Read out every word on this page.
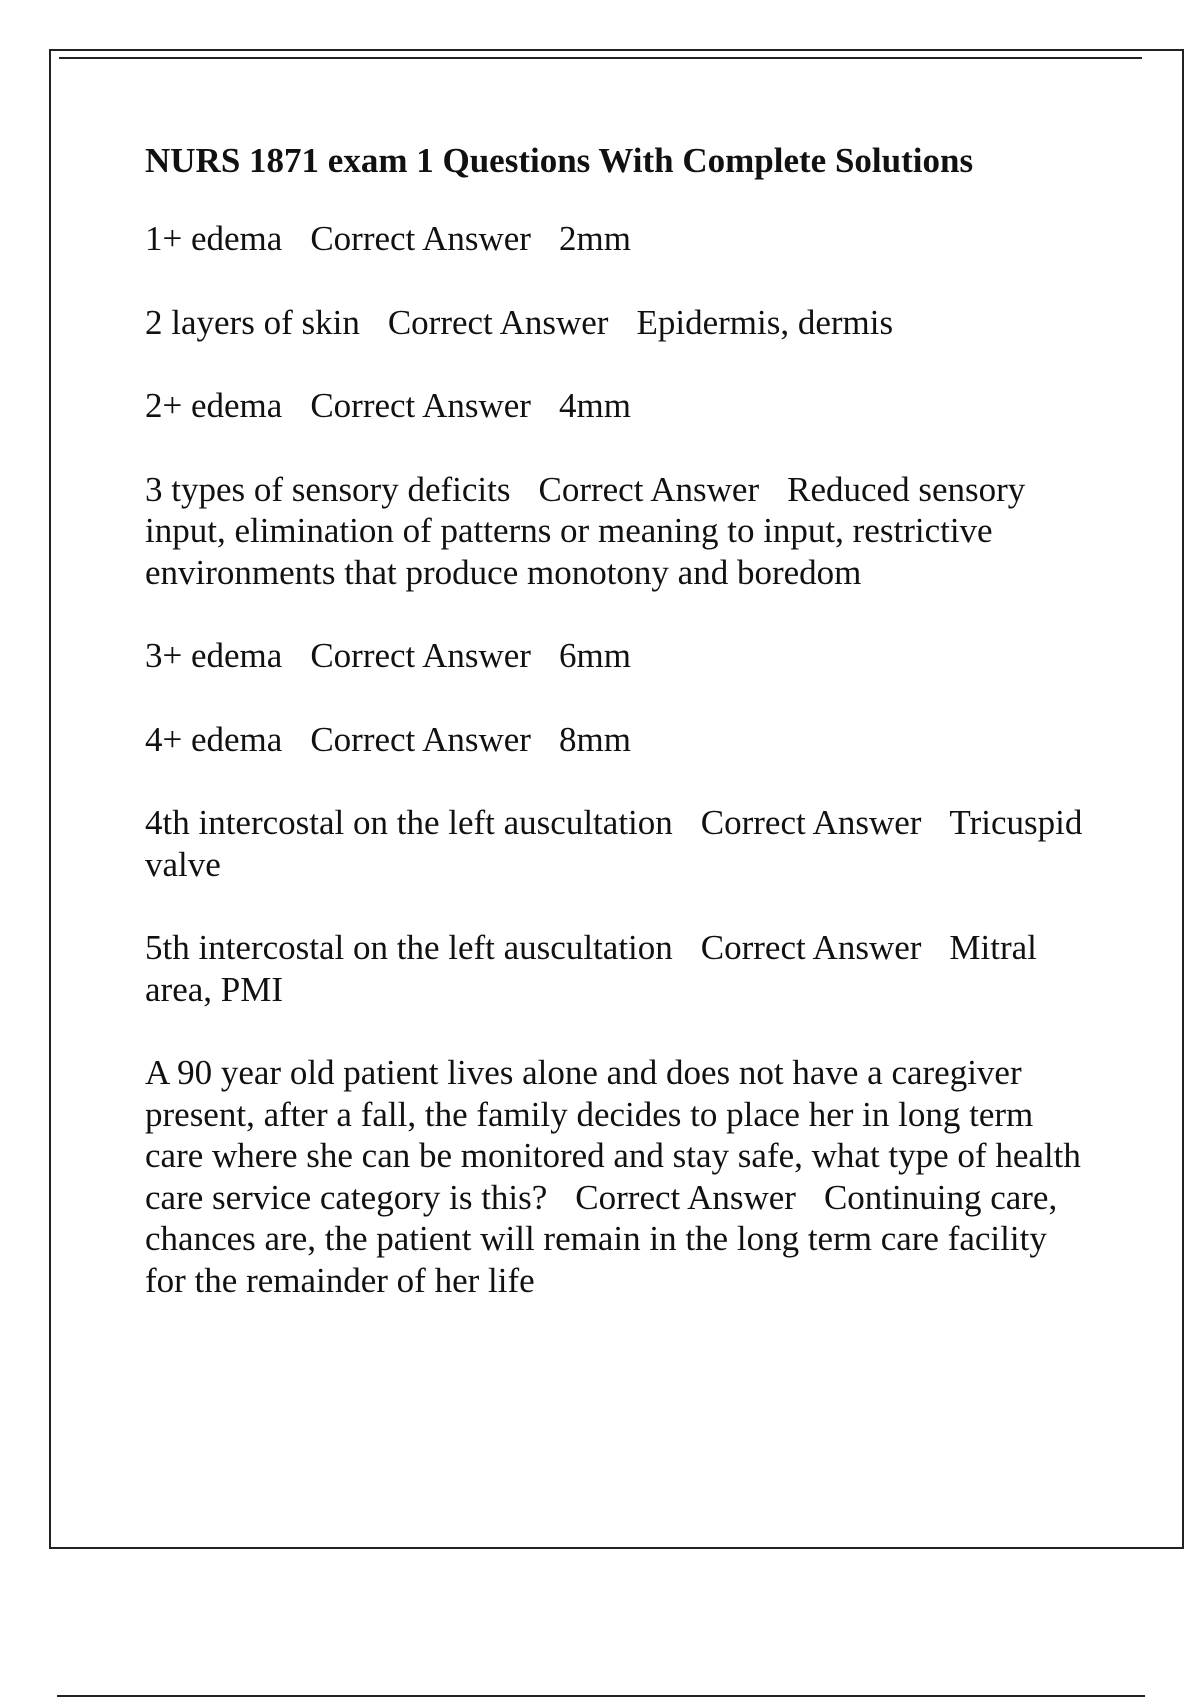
NURS 1871 exam 1 Questions With Complete Solutions
1+ edema Correct Answer 2mm
2 layers of skin Correct Answer Epidermis, dermis
2+ edema Correct Answer 4mm
3 types of sensory deficits Correct Answer Reduced sensory input, elimination of patterns or meaning to input, restrictive environments that produce monotony and boredom
3+ edema Correct Answer 6mm
4+ edema Correct Answer 8mm
4th intercostal on the left auscultation Correct Answer Tricuspid valve
5th intercostal on the left auscultation Correct Answer Mitral area, PMI
A 90 year old patient lives alone and does not have a caregiver present, after a fall, the family decides to place her in long term care where she can be monitored and stay safe, what type of health care service category is this? Correct Answer Continuing care, chances are, the patient will remain in the long term care facility for the remainder of her life
